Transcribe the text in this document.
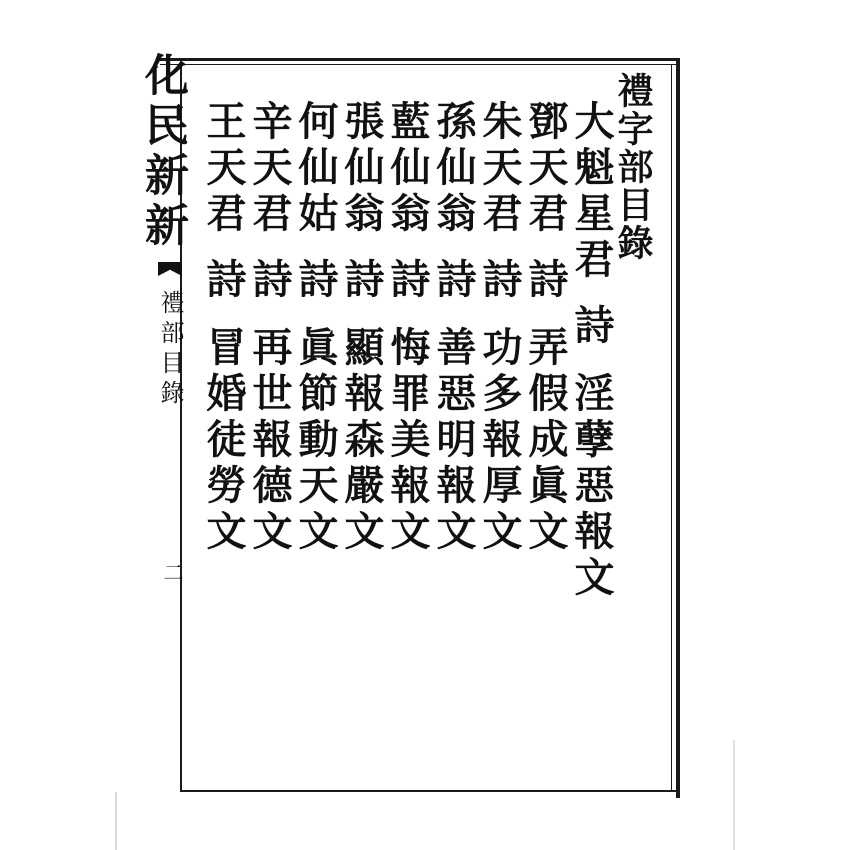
化民新新
禮部目錄
二
禮字部目錄
大魁星君詩淫孽惡報文
鄧天君詩弄假成眞文
朱天君詩功多報厚文
孫仙翁詩善惡明報文
藍仙翁詩悔罪美報文
張仙翁詩顯報森嚴文
何仙姑詩眞節動天文
辛天君詩再世報德文
王天君詩冒婚徒勞文
